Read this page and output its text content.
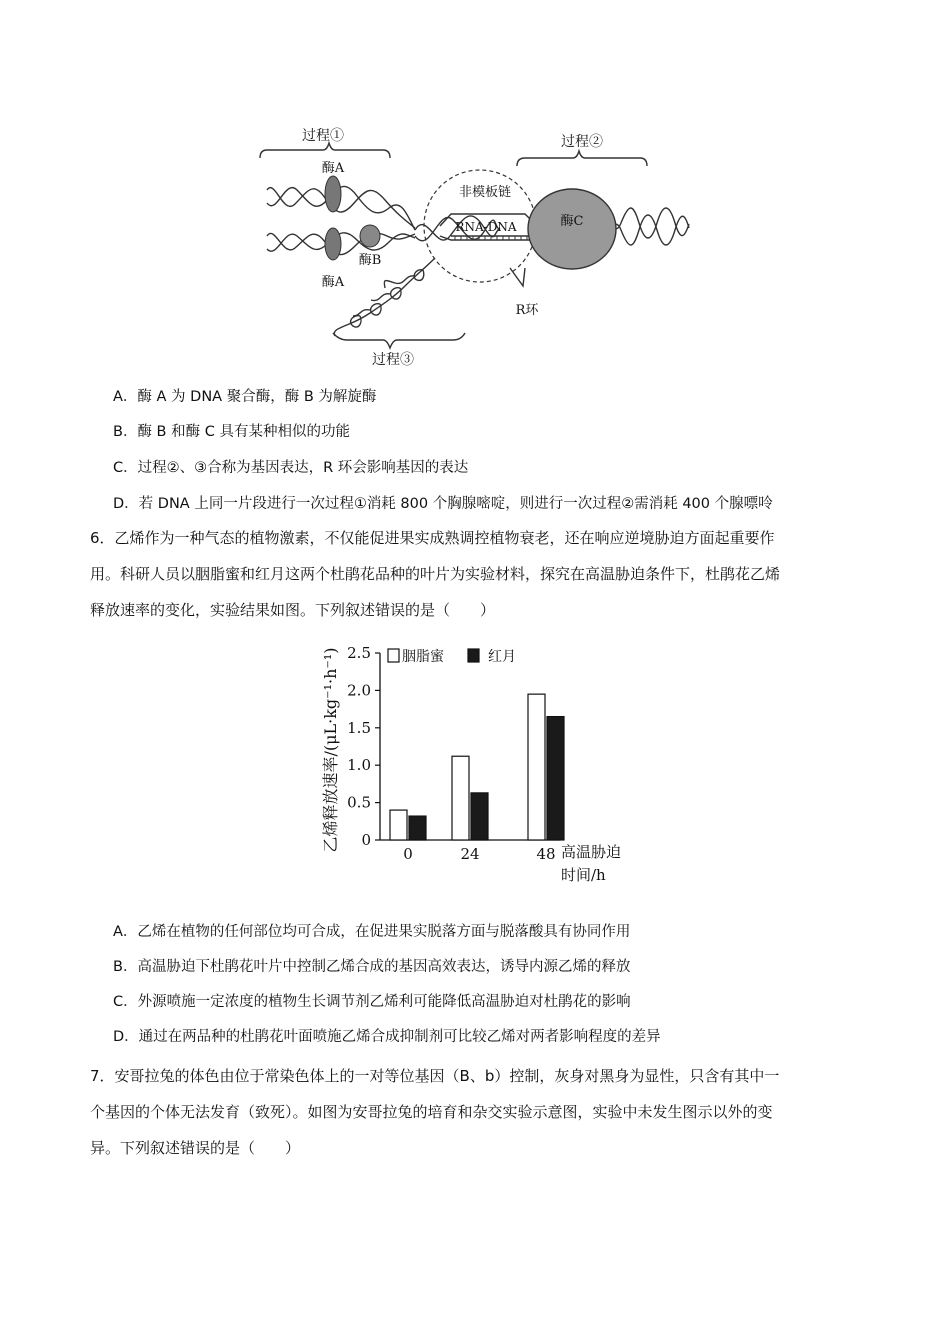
过程①	过程②
过程③
酶A
酶A
酶B
酶C
非模板链
RNA-DNA
R环
A．酶 A 为 DNA 聚合酶，酶 B 为解旋酶
B．酶 B 和酶 C 具有某种相似的功能
C．过程②、③合称为基因表达，R 环会影响基因的表达
D．若 DNA 上同一片段进行一次过程①消耗 800 个胸腺嘧啶，则进行一次过程②需消耗 400 个腺嘌呤
6．乙烯作为一种气态的植物激素，不仅能促进果实成熟调控植物衰老，还在响应逆境胁迫方面起重要作
用。科研人员以胭脂蜜和红月这两个杜鹃花品种的叶片为实验材料，探究在高温胁迫条件下，杜鹃花乙烯
释放速率的变化，实验结果如图。下列叙述错误的是（　　）
乙烯释放速率/(μL·kg⁻¹·h⁻¹) 0
0.5
1.0
1.5
2.0
2.5
0	24	48
胭脂蜜	红月
高温胁迫
时间/h
A．乙烯在植物的任何部位均可合成，在促进果实脱落方面与脱落酸具有协同作用
B．高温胁迫下杜鹃花叶片中控制乙烯合成的基因高效表达，诱导内源乙烯的释放
C．外源喷施一定浓度的植物生长调节剂乙烯利可能降低高温胁迫对杜鹃花的影响
D．通过在两品种的杜鹃花叶面喷施乙烯合成抑制剂可比较乙烯对两者影响程度的差异
7．安哥拉兔的体色由位于常染色体上的一对等位基因（B、b）控制，灰身对黑身为显性，只含有其中一
个基因的个体无法发育（致死）。如图为安哥拉兔的培育和杂交实验示意图，实验中未发生图示以外的变
异。下列叙述错误的是（　　）
